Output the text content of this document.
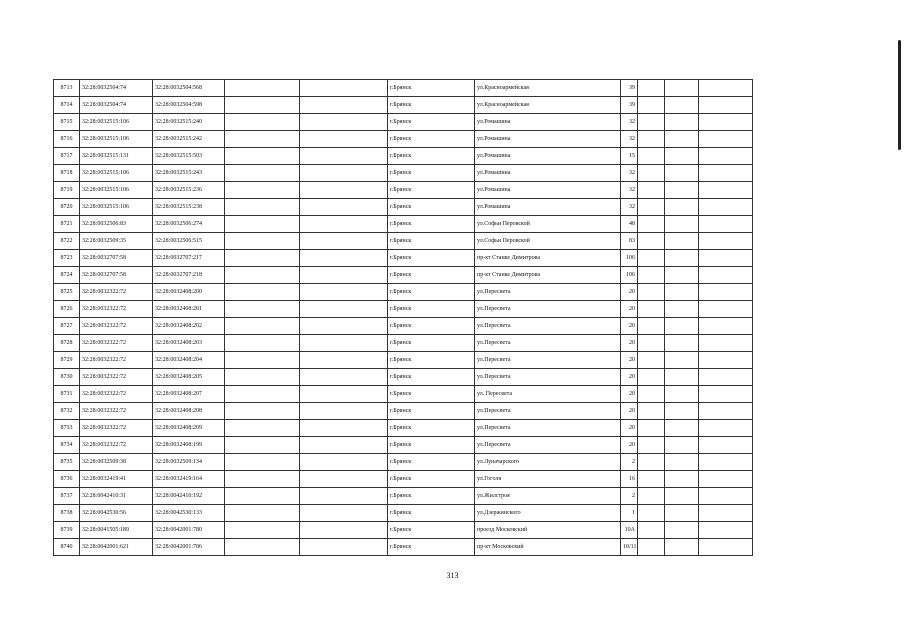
8713	32:28:0032504:74	32:28:0032504:568			г.Брянск	ул.Красноармейская	39			
8714	32:28:0032504:74	32:28:0032504:598			г.Брянск	ул.Красноармейская	39			
8715	32:28:0032515:106	32:28:0032515:240			г.Брянск	ул.Ромашина	32			
8716	32:28:0032515:106	32:28:0032515:242			г.Брянск	ул.Ромашина	32			
8717	32:28:0032515:131	32:28:0032515:503			г.Брянск	ул.Ромашина	15			
8718	32:28:0032515:106	32:28:0032515:243			г.Брянск	ул.Ромашина	32			
8719	32:28:0032515:106	32:28:0032515:236			г.Брянск	ул.Ромашина	32			
8720	32:28:0032515:106	32:28:0032515:238			г.Брянск	ул.Ромашина	32			
8721	32:28:0032506:83	32:28:0032506:274			г.Брянск	ул.Софьи Перовской	48			
8722	32:28:0032509:35	32:28:0032506:515			г.Брянск	ул.Софьи Перовской	83			
8723	32:28:0032707:58	32:28:0032707:217			г.Брянск	пр-кт Станке Димитрова	106			
8724	32:28:0032707:58	32:28:0032707:218			г.Брянск	пр-кт Станке Димитрова	106			
8725	32:28:0032322:72	32:28:0032408:200			г.Брянск	ул.Пересвета	20			
8726	32:28:0032322:72	32:28:0032408:201			г.Брянск	ул.Пересвета	20			
8727	32:28:0032322:72	32:28:0032408:202			г.Брянск	ул.Пересвета	20			
8728	32:28:0032322:72	32:28:0032408:203			г.Брянск	ул.Пересвета	20			
8729	32:28:0032322:72	32:28:0032408:204			г.Брянск	ул.Пересвета	20			
8730	32:28:0032322:72	32:28:0032408:205			г.Брянск	ул.Пересвета	20			
8731	32:28:0032322:72	32:28:0032408:207			г.Брянск	ул. Пересвета	20			
8732	32:28:0032322:72	32:28:0032408:208			г.Брянск	ул.Пересвета	20			
8733	32:28:0032322:72	32:28:0032408:209			г.Брянск	ул.Пересвета	20			
8734	32:28:0032322:72	32:28:0032408:199			г.Брянск	ул.Пересвета	20			
8735	32:28:0032509:38	32:28:0032509:134			г.Брянск	ул.Луначарского	2			
8736	32:28:0032419:41	32:28:0032419:164			г.Брянск	ул.Гоголя	16			
8737	32:28:0042410:31	32:28:0042410:192			г.Брянск	ул.Жилстроя	2			
8738	32:28:0042530:56	32:28:0042530:133			г.Брянск	ул.Дзержинского	1			
8739	32:28:0041505:189	32:28:0042001:780			г.Брянск	проезд Московский	10А			
8740	32:28:0042001:621	32:28:0042001:706			г.Брянск	пр-кт Московский	10/11			
313
